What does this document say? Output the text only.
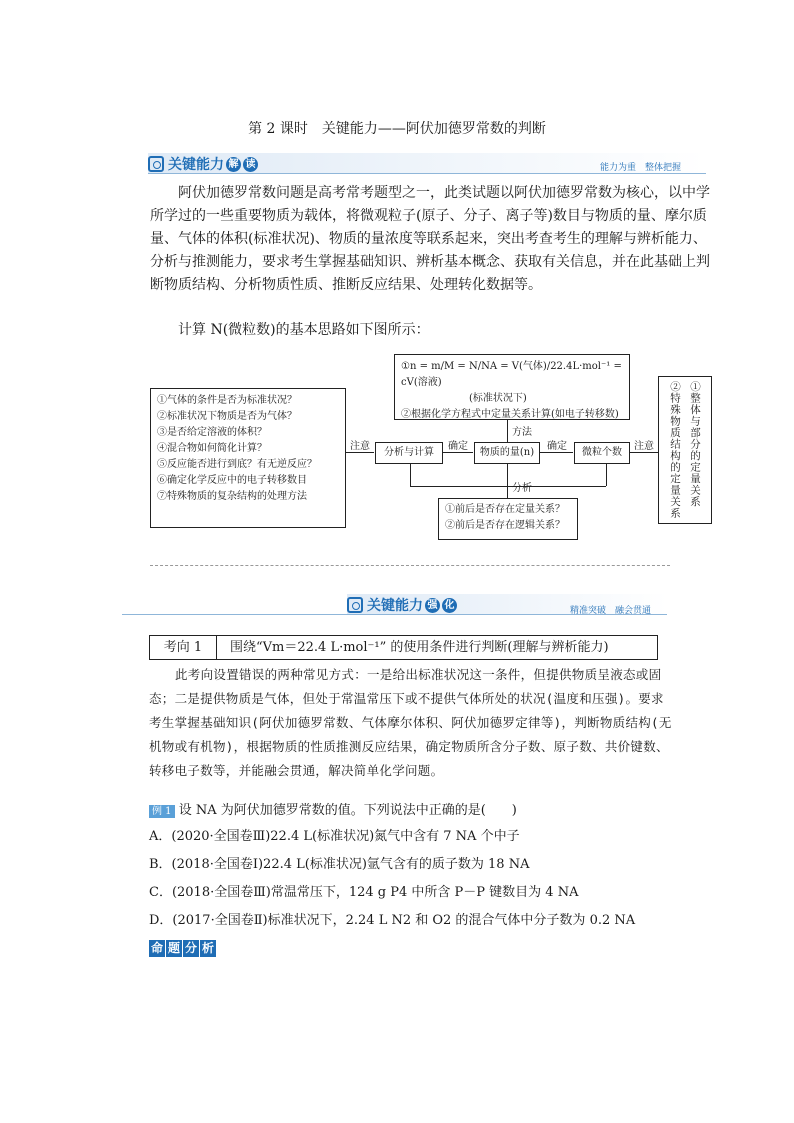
第 2 课时　关键能力——阿伏加德罗常数的判断
关键能力 解 读	能力为重　整体把握
阿伏加德罗常数问题是高考常考题型之一，此类试题以阿伏加德罗常数为核心，以中学
所学过的一些重要物质为载体，将微观粒子(原子、分子、离子等)数目与物质的量、摩尔质
量、气体的体积(标准状况)、物质的量浓度等联系起来，突出考查考生的理解与辨析能力、
分析与推测能力，要求考生掌握基础知识、辨析基本概念、获取有关信息，并在此基础上判
断物质结构、分析物质性质、推断反应结果、处理转化数据等。
计算 N(微粒数)的基本思路如下图所示：
①n = m/M = N/NA = V(气体)/22.4L·mol⁻¹ = cV(溶液)
(标准状况下)
②根据化学方程式中定量关系计算(如电子转移数)
①气体的条件是否为标准状况？
②标准状况下物质是否为气体？
③是否给定溶液的体积？
④混合物如何简化计算？
⑤反应能否进行到底？有无逆反应？
⑥确定化学反应中的电子转移数目
⑦特殊物质的复杂结构的处理方法
分析与计算	物质的量(n)	微粒个数
注意	确定	确定	注意
方法
分析
①前后是否存在定量关系？
②前后是否存在逻辑关系？
②特殊物质结构的定量关系 ①整体与部分的定量关系
关键能力 强 化
精准突破　融会贯通
考向 1	围绕“Vm＝22.4 L·mol⁻¹” 的使用条件进行判断(理解与辨析能力)
此考向设置错误的两种常见方式：一是给出标准状况这一条件，但提供物质呈液态或固
态；二是提供物质是气体，但处于常温常压下或不提供气体所处的状况(温度和压强)。要求
考生掌握基础知识(阿伏加德罗常数、气体摩尔体积、阿伏加德罗定律等)，判断物质结构(无
机物或有机物)，根据物质的性质推测反应结果，确定物质所含分子数、原子数、共价键数、
转移电子数等，并能融会贯通，解决简单化学问题。
例 1 设 NA 为阿伏加德罗常数的值。下列说法中正确的是(　　)
A．(2020·全国卷Ⅲ)22.4 L(标准状况)氮气中含有 7 NA 个中子
B．(2018·全国卷Ⅰ)22.4 L(标准状况)氩气含有的质子数为 18 NA
C．(2018·全国卷Ⅲ)常温常压下，124 g P4 中所含 P－P 键数目为 4 NA
D．(2017·全国卷Ⅱ)标准状况下，2.24 L N2 和 O2 的混合气体中分子数为 0.2 NA
命 题 分 析
